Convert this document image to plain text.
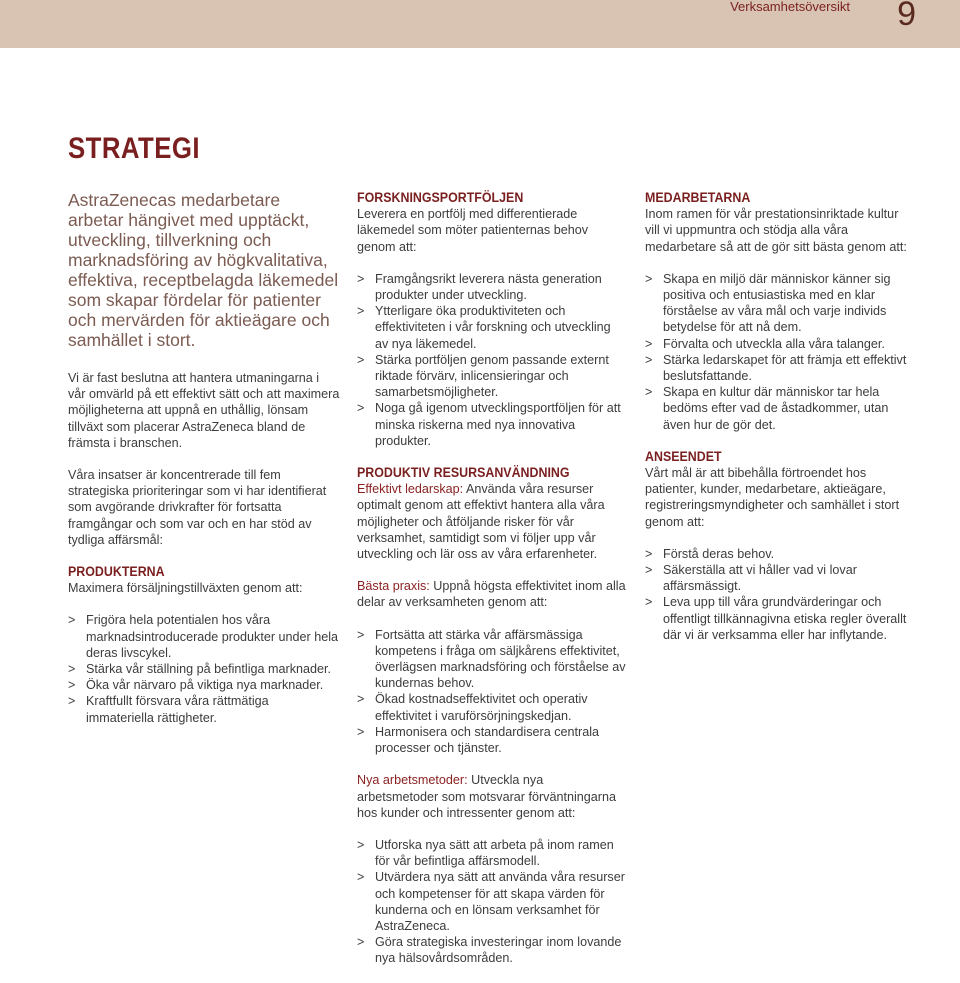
Verksamhetsöversikt 9
STRATEGI

AstraZenecas medarbetare arbetar hängivet med upptäckt, utveckling, tillverkning och marknadsföring av högkvalitativa, effektiva, receptbelagda läkemedel som skapar fördelar för patienter och mervärden för aktieägare och samhället i stort.

Vi är fast beslutna att hantera utmaningarna i vår omvärld på ett effektivt sätt och att maximera möjligheterna att uppnå en uthållig, lönsam tillväxt som placerar AstraZeneca bland de främsta i branschen.

Våra insatser är koncentrerade till fem strategiska prioriteringar som vi har identifierat som avgörande drivkrafter för fortsatta framgångar och som var och en har stöd av tydliga affärsmål:

PRODUKTERNA

Maximera försäljningstillväxten genom att:

> Frigöra hela potentialen hos våra marknadsintroducerade produkter under hela deras livscykel.
> Stärka vår ställning på befintliga marknader.
> Öka vår närvaro på viktiga nya marknader.
> Kraftfullt försvara våra rättmätiga immateriella rättigheter.
FORSKNINGSPORTFÖLJEN

Leverera en portfölj med differentierade läkemedel som möter patienternas behov genom att:

> Framgångsrikt leverera nästa generation produkter under utveckling.
> Ytterligare öka produktiviteten och effektiviteten i vår forskning och utveckling av nya läkemedel.
> Stärka portföljen genom passande externt riktade förvärv, inlicensieringar och samarbetsmöjligheter.
> Noga gå igenom utvecklingsportföljen för att minska riskerna med nya innovativa produkter.
PRODUKTIV RESURSANVÄNDNING

Effektivt ledarskap: Använda våra resurser optimalt genom att effektivt hantera alla våra möjligheter och åtföljande risker för vår verksamhet, samtidigt som vi följer upp vår utveckling och lär oss av våra erfarenheter.

Bästa praxis: Uppnå högsta effektivitet inom alla delar av verksamheten genom att:

> Fortsätta att stärka vår affärsmässiga kompetens i fråga om säljkårens effektivitet, överlägsen marknadsföring och förståelse av kundernas behov.
> Ökad kostnadseffektivitet och operativ effektivitet i varuförsörjningskedjan.
> Harmonisera och standardisera centrala processer och tjänster.

Nya arbetsmetoder: Utveckla nya arbetsmetoder som motsvarar förväntningarna hos kunder och intressenter genom att:

> Utforska nya sätt att arbeta på inom ramen för vår befintliga affärsmodell.
> Utvärdera nya sätt att använda våra resurser och kompetenser för att skapa värden för kunderna och en lönsam verksamhet för AstraZeneca.
> Göra strategiska investeringar inom lovande nya hälsovårdsområden.
MEDARBETARNA

Inom ramen för vår prestationsinriktade kultur vill vi uppmuntra och stödja alla våra medarbetare så att de gör sitt bästa genom att:

> Skapa en miljö där människor känner sig positiva och entusiastiska med en klar förståelse av våra mål och varje individs betydelse för att nå dem.
> Förvalta och utveckla alla våra talanger.
> Stärka ledarskapet för att främja ett effektivt beslutsfattande.
> Skapa en kultur där människor tar hela bedöms efter vad de åstadkommer, utan även hur de gör det.
ANSEENDET

Vårt mål är att bibehålla förtroendet hos patienter, kunder, medarbetare, aktieägare, registreringsmyndigheter och samhället i stort genom att:

> Förstå deras behov.
> Säkerställa att vi håller vad vi lovar affärsmässigt.
> Leva upp till våra grundvärderingar och offentligt tillkännagivna etiska regler överallt där vi är verksamma eller har inflytande.
